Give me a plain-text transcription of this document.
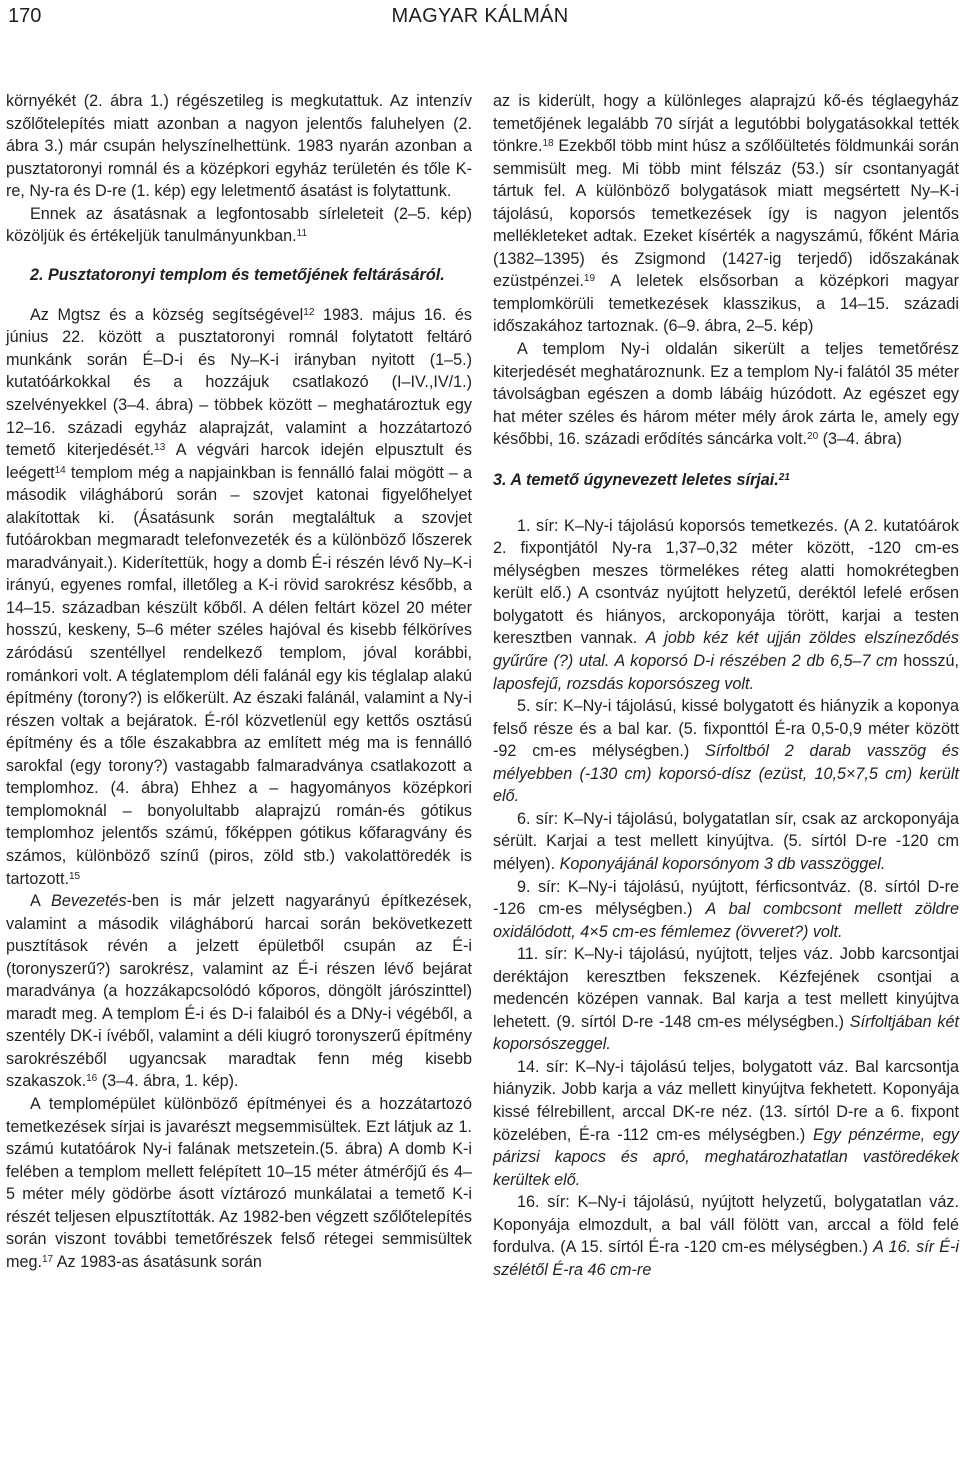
170	MAGYAR KÁLMÁN

környékét (2. ábra 1.) régészetileg is megkutattuk. Az intenzív szőlőtelepítés miatt azonban a nagyon jelentős faluhelyen (2. ábra 3.) már csupán helyszínelhettünk. 1983 nyarán azonban a pusztatoronyi romnál és a középkori egyház területén és tőle K-re, Ny-ra és D-re (1. kép) egy leletmentő ásatást is folytattunk.

Ennek az ásatásnak a legfontosabb sírleleteit (2–5. kép) közöljük és értékeljük tanulmányunkban.$^{11}$

2. Pusztatoronyi templom és temetőjének feltárásáról.

Az Mgtsz és a község segítségével$^{12}$ 1983. május 16. és június 22. között a pusztatoronyi romnál folytatott feltáró munkánk során É–D-i és Ny–K-i irányban nyitott (1–5.) kutatóárkokkal és a hozzájuk csatlakozó (I–IV.,IV/1.) szelvényekkel (3–4. ábra) – többek között – meghatároztuk egy 12–16. századi egyház alaprajzát, valamint a hozzátartozó temető kiterjedését.$^{13}$ A végvári harcok idején elpusztult és leégett$^{14}$ templom még a napjainkban is fennálló falai mögött – a második világháború során – szovjet katonai figyelőhelyet alakítottak ki. (Ásatásunk során megtaláltuk a szovjet futóárokban megmaradt telefonvezeték és a különböző lőszerek maradványait.). Kiderítettük, hogy a domb É-i részén lévő Ny–K-i irányú, egyenes romfal, illetőleg a K-i rövid sarokrész később, a 14–15. században készült kőből. A délen feltárt közel 20 méter hosszú, keskeny, 5–6 méter széles hajóval és kisebb félköríves záródású szentéllyel rendelkező templom, jóval korábbi, románkori volt. A téglatemplom déli falánál egy kis téglalap alakú építmény (torony?) is előkerült. Az északi falánál, valamint a Ny-i részen voltak a bejáratok. É-ról közvetlenül egy kettős osztású építmény és a tőle északabbra az említett még ma is fennálló sarokfal (egy torony?) vastagabb falmaradványa csatlakozott a templomhoz. (4. ábra) Ehhez a – hagyományos középkori templomoknál – bonyolultabb alaprajzú román-és gótikus templomhoz jelentős számú, főképpen gótikus kőfaragvány és számos, különböző színű (piros, zöld stb.) vakolattöredék is tartozott.$^{15}$

A Bevezetés-ben is már jelzett nagyarányú építkezések, valamint a második világháború harcai során bekövetkezett pusztítások révén a jelzett épületből csupán az É-i (toronyszerű?) sarokrész, valamint az É-i részen lévő bejárat maradványa (a hozzákapcsolódó kőporos, döngölt járószinttel) maradt meg. A templom É-i és D-i falaiból és a DNy-i végéből, a szentély DK-i ívéből, valamint a déli kiugró toronyszerű építmény sarokrészéből ugyancsak maradtak fenn még kisebb szakaszok.$^{16}$ (3–4. ábra, 1. kép).

A templomépület különböző építményei és a hozzátartozó temetkezések sírjai is javarészt megsemmisültek. Ezt látjuk az 1. számú kutatóárok Ny-i falának metszetein.(5. ábra) A domb K-i felében a templom mellett felépített 10–15 méter átmérőjű és 4–5 méter mély gödörbe ásott víztározó munkálatai a temető K-i részét teljesen elpusztították. Az 1982-ben végzett szőlőtelepítés során viszont további temetőrészek felső rétegei semmisültek meg.$^{17}$ Az 1983-as ásatásunk során

az is kiderült, hogy a különleges alaprajzú kő-és téglaegyház temetőjének legalább 70 sírját a legutóbbi bolygatásokkal tették tönkre.$^{18}$ Ezekből több mint húsz a szőlőültetés földmunkái során semmisült meg. Mi több mint félszáz (53.) sír csontanyagát tártuk fel. A különböző bolygatások miatt megsértett Ny–K-i tájolású, koporsós temetkezések így is nagyon jelentős mellékleteket adtak. Ezeket kísérték a nagyszámú, főként Mária (1382–1395) és Zsigmond (1427-ig terjedő) időszakának ezüstpénzei.$^{19}$ A leletek elsősorban a középkori magyar templomkörüli temetkezések klasszikus, a 14–15. századi időszakához tartoznak. (6–9. ábra, 2–5. kép)

A templom Ny-i oldalán sikerült a teljes temetőrész kiterjedését meghatároznunk. Ez a templom Ny-i falától 35 méter távolságban egészen a domb lábáig húzódott. Az egészet egy hat méter széles és három méter mély árok zárta le, amely egy későbbi, 16. századi erődítés sáncárka volt.$^{20}$ (3–4. ábra)

3. A temető úgynevezett leletes sírjai.$^{21}$

1. sír: K–Ny-i tájolású koporsós temetkezés. (A 2. kutatóárok 2. fixpontjától Ny-ra 1,37–0,32 méter között, -120 cm-es mélységben meszes törmelékes réteg alatti homokrétegben került elő.) A csontváz nyújtott helyzetű, deréktól lefelé erősen bolygatott és hiányos, arckoponyája törött, karjai a testen keresztben vannak. A jobb kéz két ujján zöldes elszíneződés gyűrűre (?) utal. A koporsó D-i részében 2 db 6,5–7 cm hosszú, laposfejű, rozsdás koporsószeg volt.

5. sír: K–Ny-i tájolású, kissé bolygatott és hiányzik a koponya felső része és a bal kar. (5. fixponttól É-ra 0,5-0,9 méter között -92 cm-es mélységben.) Sírfoltból 2 darab vasszög és mélyebben (-130 cm) koporsó-dísz (ezüst, 10,5×7,5 cm) került elő.

6. sír: K–Ny-i tájolású, bolygatatlan sír, csak az arckoponyája sérült. Karjai a test mellett kinyújtva. (5. sírtól D-re -120 cm mélyen). Koponyájánál koporsónyom 3 db vasszöggel.

9. sír: K–Ny-i tájolású, nyújtott, férficsontváz. (8. sírtól D-re -126 cm-es mélységben.) A bal combcsont mellett zöldre oxidálódott, 4×5 cm-es fémlemez (övveret?) volt.

11. sír: K–Ny-i tájolású, nyújtott, teljes váz. Jobb karcsontjai deréktájon keresztben fekszenek. Kézfejének csontjai a medencén középen vannak. Bal karja a test mellett kinyújtva lehetett. (9. sírtól D-re -148 cm-es mélységben.) Sírfoltjában két koporsószeggel.

14. sír: K–Ny-i tájolású teljes, bolygatott váz. Bal karcsontja hiányzik. Jobb karja a váz mellett kinyújtva fekhetett. Koponyája kissé félrebillent, arccal DK-re néz. (13. sírtól D-re a 6. fixpont közelében, É-ra -112 cm-es mélységben.) Egy pénzérme, egy párizsi kapocs és apró, meghatározhatatlan vastöredékek kerültek elő.

16. sír: K–Ny-i tájolású, nyújtott helyzetű, bolygatatlan váz. Koponyája elmozdult, a bal váll fölött van, arccal a föld felé fordulva. (A 15. sírtól É-ra -120 cm-es mélységben.) A 16. sír É-i szélétől É-ra 46 cm-re
